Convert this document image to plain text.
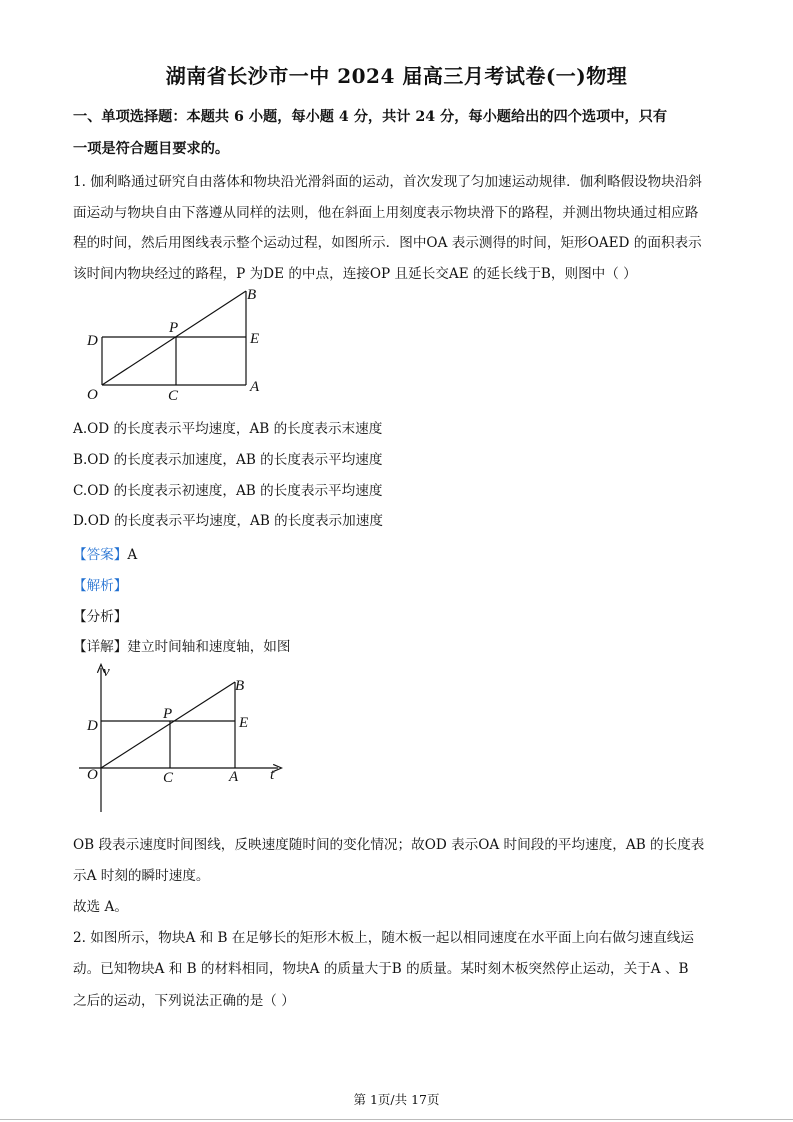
湖南省长沙市一中 2024 届高三月考试卷(一)物理
一、单项选择题：本题共 6 小题，每小题 4 分，共计 24 分，每小题给出的四个选项中，只有
一项是符合题目要求的。
1. 伽利略通过研究自由落体和物块沿光滑斜面的运动，首次发现了匀加速运动规律．伽利略假设物块沿斜
面运动与物块自由下落遵从同样的法则，他在斜面上用刻度表示物块滑下的路程，并测出物块通过相应路
程的时间，然后用图线表示整个运动过程，如图所示．图中OA 表示测得的时间，矩形OAED 的面积表示
该时间内物块经过的路程，P 为DE 的中点，连接OP 且延长交AE 的延长线于B，则图中（ ）
B
P
D	E
O	C
A
A.OD 的长度表示平均速度，AB 的长度表示末速度
B.OD 的长度表示加速度，AB 的长度表示平均速度
C.OD 的长度表示初速度，AB 的长度表示平均速度
D.OD 的长度表示平均速度，AB 的长度表示加速度
【答案】A
【解析】
【分析】
【详解】建立时间轴和速度轴，如图
v
t
B
P
D	E
O	C	A
OB 段表示速度时间图线，反映速度随时间的变化情况；故OD 表示OA 时间段的平均速度，AB 的长度表
示A 时刻的瞬时速度。
故选 A。
2. 如图所示，物块A 和 B 在足够长的矩形木板上，随木板一起以相同速度在水平面上向右做匀速直线运
动。已知物块A 和 B 的材料相同，物块A 的质量大于B 的质量。某时刻木板突然停止运动，关于A 、B
之后的运动，下列说法正确的是（ ）
第 1页/共 17页
